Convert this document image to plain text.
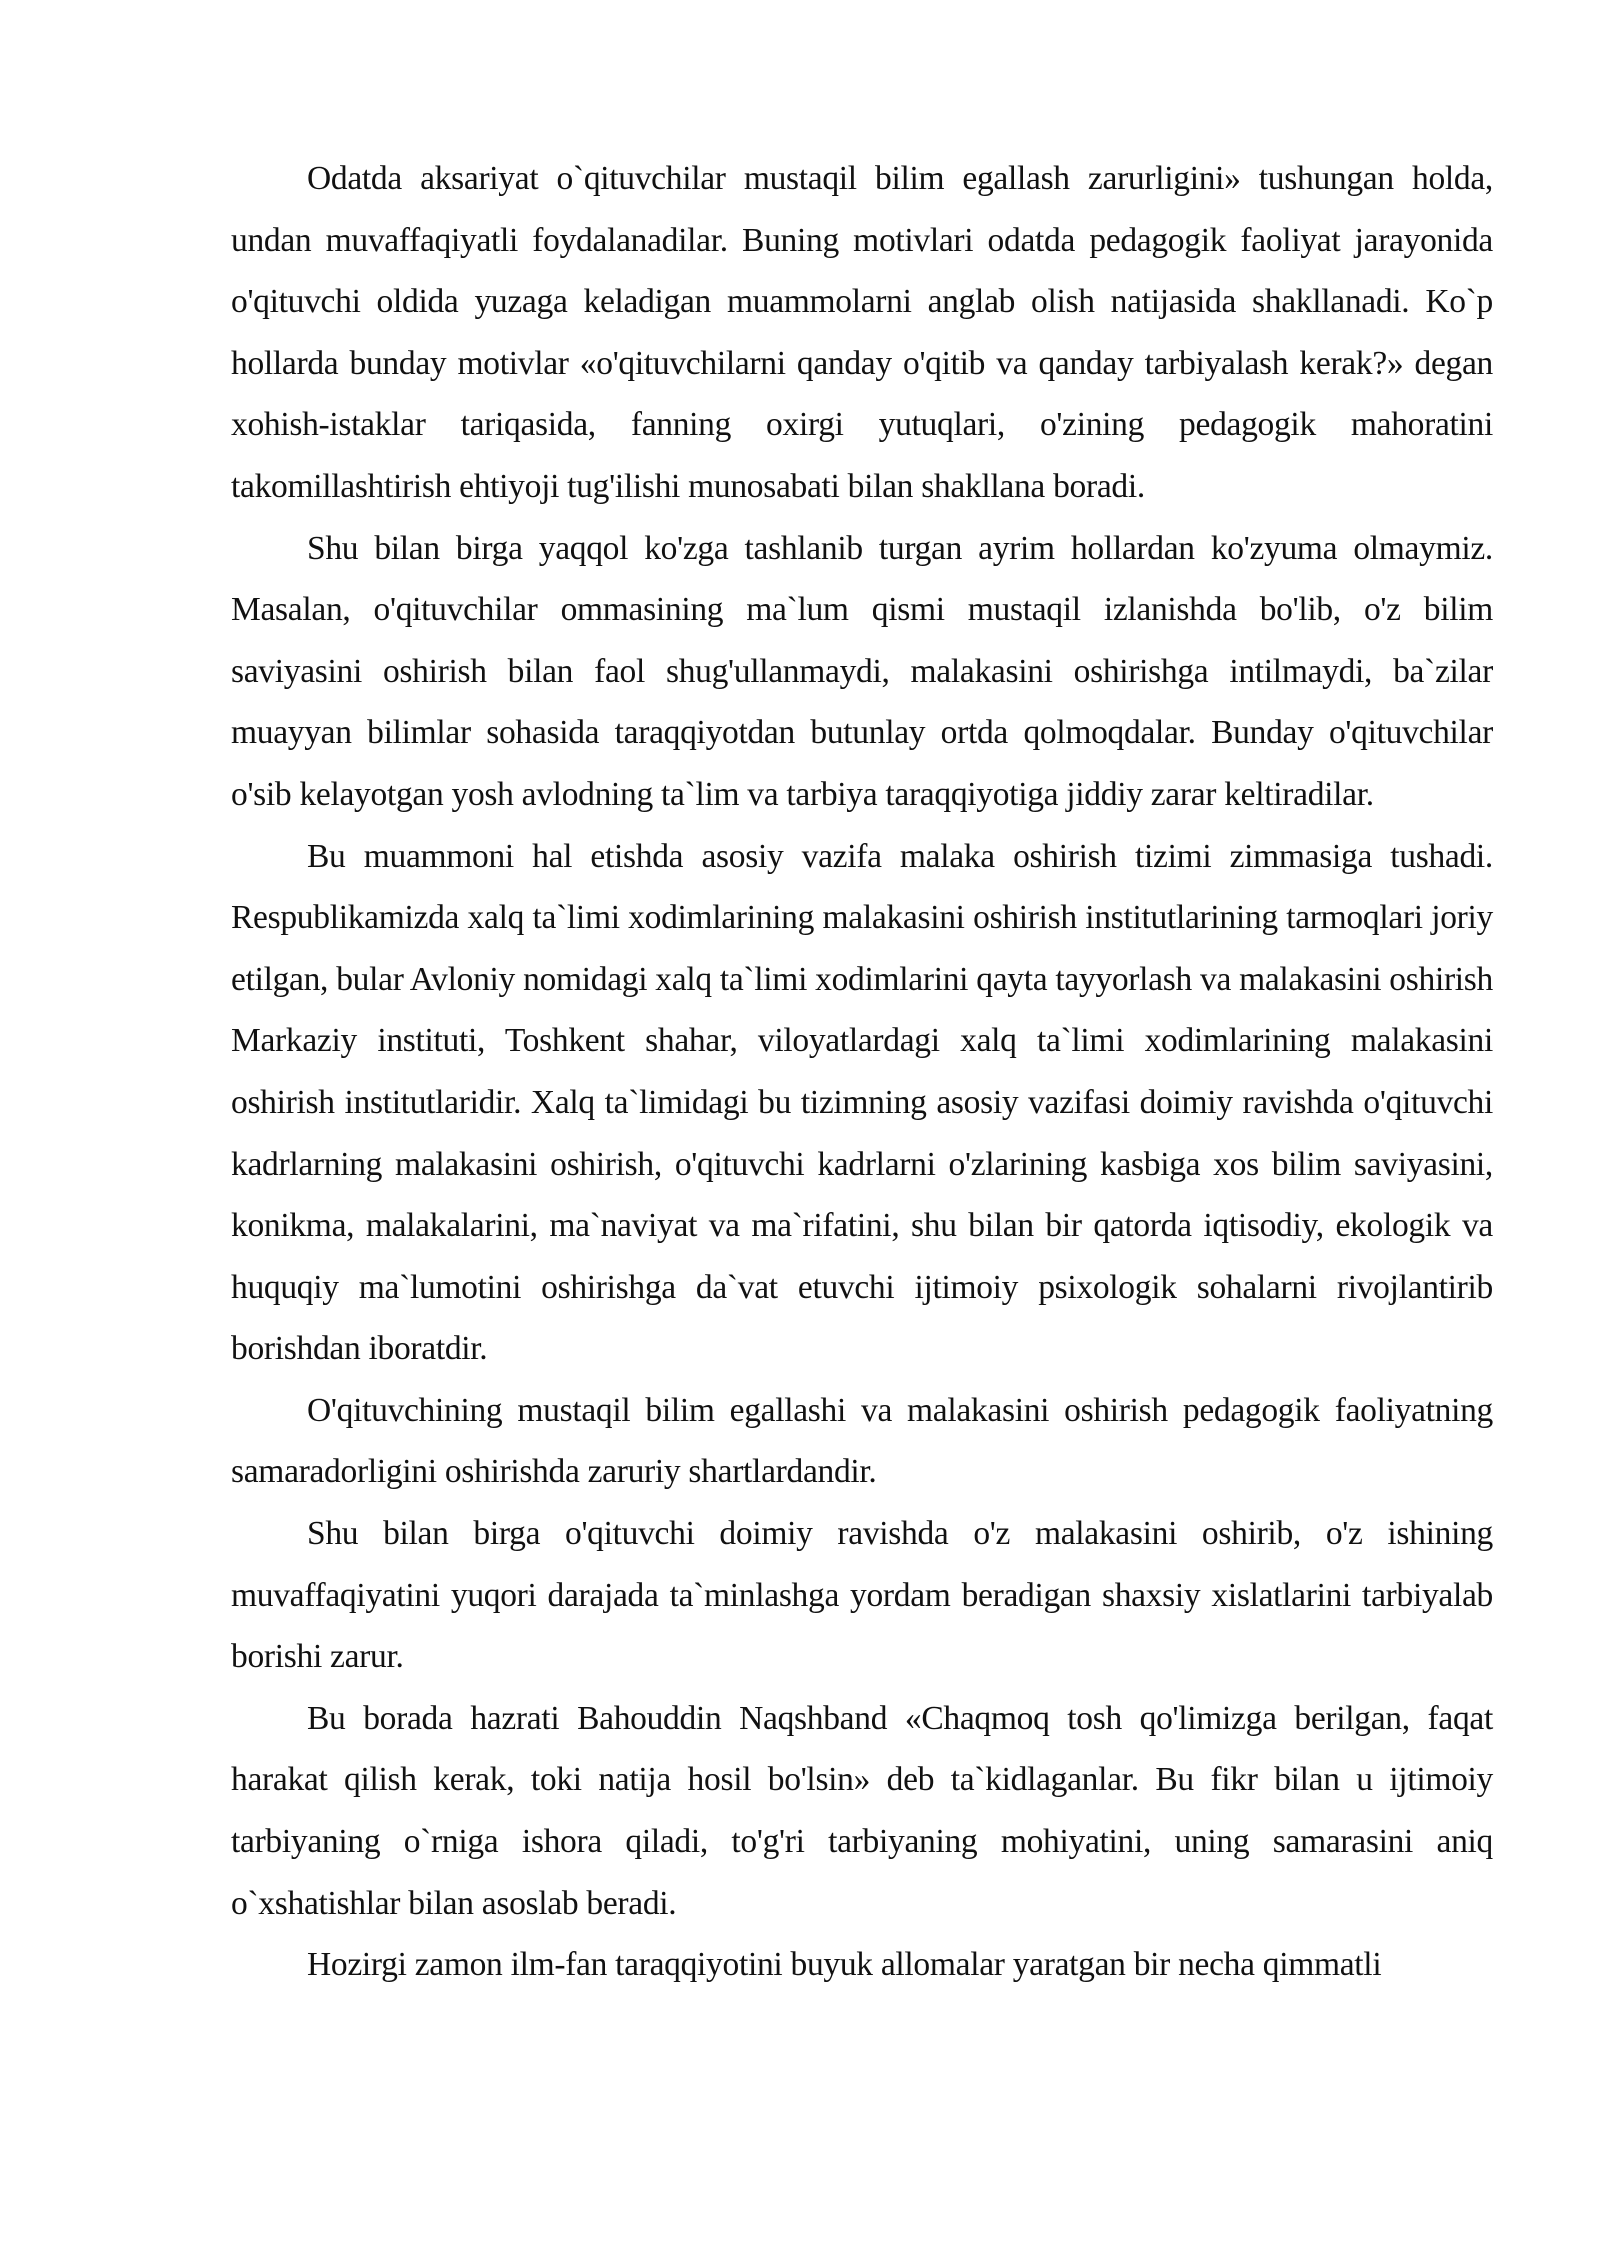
Odatda aksariyat o`qituvchilar mustaqil bilim egallash zarurligini» tushungan holda, undan muvaffaqiyatli foydalanadilar. Buning motivlari odatda pedagogik faoliyat jarayonida o'qituvchi oldida yuzaga keladigan muammolarni anglab olish natijasida shakllanadi. Ko`p hollarda bunday motivlar «o'qituvchilarni qanday o'qitib va qanday tarbiyalash kerak?» degan xohish-istaklar tariqasida, fanning oxirgi yutuqlari, o'zining pedagogik mahoratini takomillashtirish ehtiyoji tug'ilishi munosabati bilan shakllana boradi.

Shu bilan birga yaqqol ko'zga tashlanib turgan ayrim hollardan ko'zyuma olmaymiz. Masalan, o'qituvchilar ommasining ma`lum qismi mustaqil izlanishda bo'lib, o'z bilim saviyasini oshirish bilan faol shug'ullanmaydi, malakasini oshirishga intilmaydi, ba`zilar muayyan bilimlar sohasida taraqqiyotdan butunlay ortda qolmoqdalar. Bunday o'qituvchilar o'sib kelayotgan yosh avlodning ta`lim va tarbiya taraqqiyotiga jiddiy zarar keltiradilar.

Bu muammoni hal etishda asosiy vazifa malaka oshirish tizimi zimmasiga tushadi. Respublikamizda xalq ta`limi xodimlarining malakasini oshirish institutlarining tarmoqlari joriy etilgan, bular Avloniy nomidagi xalq ta`limi xodimlarini qayta tayyorlash va malakasini oshirish Markaziy instituti, Toshkent shahar, viloyatlardagi xalq ta`limi xodimlarining malakasini oshirish institutlaridir. Xalq ta`limidagi bu tizimning asosiy vazifasi doimiy ravishda o'qituvchi kadrlarning malakasini oshirish, o'qituvchi kadrlarni o'zlarining kasbiga xos bilim saviyasini, konikma, malakalarini, ma`naviyat va ma`rifatini, shu bilan bir qatorda iqtisodiy, ekologik va huquqiy ma`lumotini oshirishga da`vat etuvchi ijtimoiy psixologik sohalarni rivojlantirib borishdan iboratdir.

O'qituvchining mustaqil bilim egallashi va malakasini oshirish pedagogik faoliyatning samaradorligini oshirishda zaruriy shartlardandir.

Shu bilan birga o'qituvchi doimiy ravishda o'z malakasini oshirib, o'z ishining muvaffaqiyatini yuqori darajada ta`minlashga yordam beradigan shaxsiy xislatlarini tarbiyalab borishi zarur.

Bu borada hazrati Bahouddin Naqshband «Chaqmoq tosh qo'limizga berilgan, faqat harakat qilish kerak, toki natija hosil bo'lsin» deb ta`kidlaganlar. Bu fikr bilan u ijtimoiy tarbiyaning o`rniga ishora qiladi, to'g'ri tarbiyaning mohiyatini, uning samarasini aniq o`xshatishlar bilan asoslab beradi.

Hozirgi zamon ilm-fan taraqqiyotini buyuk allomalar yaratgan bir necha qimmatli
